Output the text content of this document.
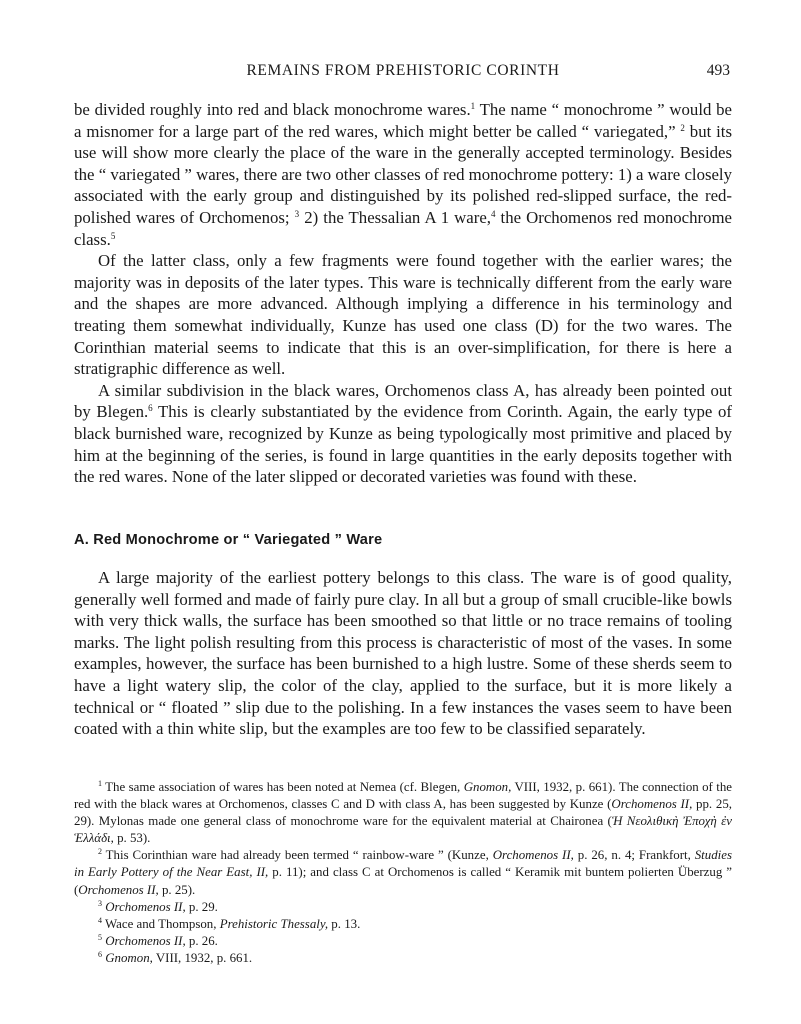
REMAINS FROM PREHISTORIC CORINTH	493

be divided roughly into red and black monochrome wares.$^1$ The name “ monochrome ” would be a misnomer for a large part of the red wares, which might better be called “ variegated,” $^2$ but its use will show more clearly the place of the ware in the generally accepted terminology. Besides the “ variegated ” wares, there are two other classes of red monochrome pottery: 1) a ware closely associated with the early group and distinguished by its polished red-slipped surface, the red-polished wares of Orchomenos; $^3$ 2) the Thessalian A 1 ware,$^4$ the Orchomenos red monochrome class.$^5$

Of the latter class, only a few fragments were found together with the earlier wares; the majority was in deposits of the later types. This ware is technically different from the early ware and the shapes are more advanced. Although implying a difference in his terminology and treating them somewhat individually, Kunze has used one class (D) for the two wares. The Corinthian material seems to indicate that this is an over-simplification, for there is here a stratigraphic difference as well.

A similar subdivision in the black wares, Orchomenos class A, has already been pointed out by Blegen.$^6$ This is clearly substantiated by the evidence from Corinth. Again, the early type of black burnished ware, recognized by Kunze as being typologically most primitive and placed by him at the beginning of the series, is found in large quantities in the early deposits together with the red wares. None of the later slipped or decorated varieties was found with these.

A. Red Monochrome or “ Variegated ” Ware

A large majority of the earliest pottery belongs to this class. The ware is of good quality, generally well formed and made of fairly pure clay. In all but a group of small crucible-like bowls with very thick walls, the surface has been smoothed so that little or no trace remains of tooling marks. The light polish resulting from this process is characteristic of most of the vases. In some examples, however, the surface has been burnished to a high lustre. Some of these sherds seem to have a light watery slip, the color of the clay, applied to the surface, but it is more likely a technical or “ floated ” slip due to the polishing. In a few instances the vases seem to have been coated with a thin white slip, but the examples are too few to be classified separately.

$^1$ The same association of wares has been noted at Nemea (cf. Blegen, Gnomon, VIII, 1932, p. 661). The connection of the red with the black wares at Orchomenos, classes C and D with class A, has been suggested by Kunze (Orchomenos II, pp. 25, 29). Mylonas made one general class of monochrome ware for the equivalent material at Chaironea (Ἡ Νεολιθικὴ Ἐποχὴ ἐν Ἑλλάδι, p. 53).

$^2$ This Corinthian ware had already been termed “ rainbow-ware ” (Kunze, Orchomenos II, p. 26, n. 4; Frankfort, Studies in Early Pottery of the Near East, II, p. 11); and class C at Orchomenos is called “ Keramik mit buntem polierten Überzug ” (Orchomenos II, p. 25).

$^3$ Orchomenos II, p. 29.

$^4$ Wace and Thompson, Prehistoric Thessaly, p. 13.

$^5$ Orchomenos II, p. 26.

$^6$ Gnomon, VIII, 1932, p. 661.
